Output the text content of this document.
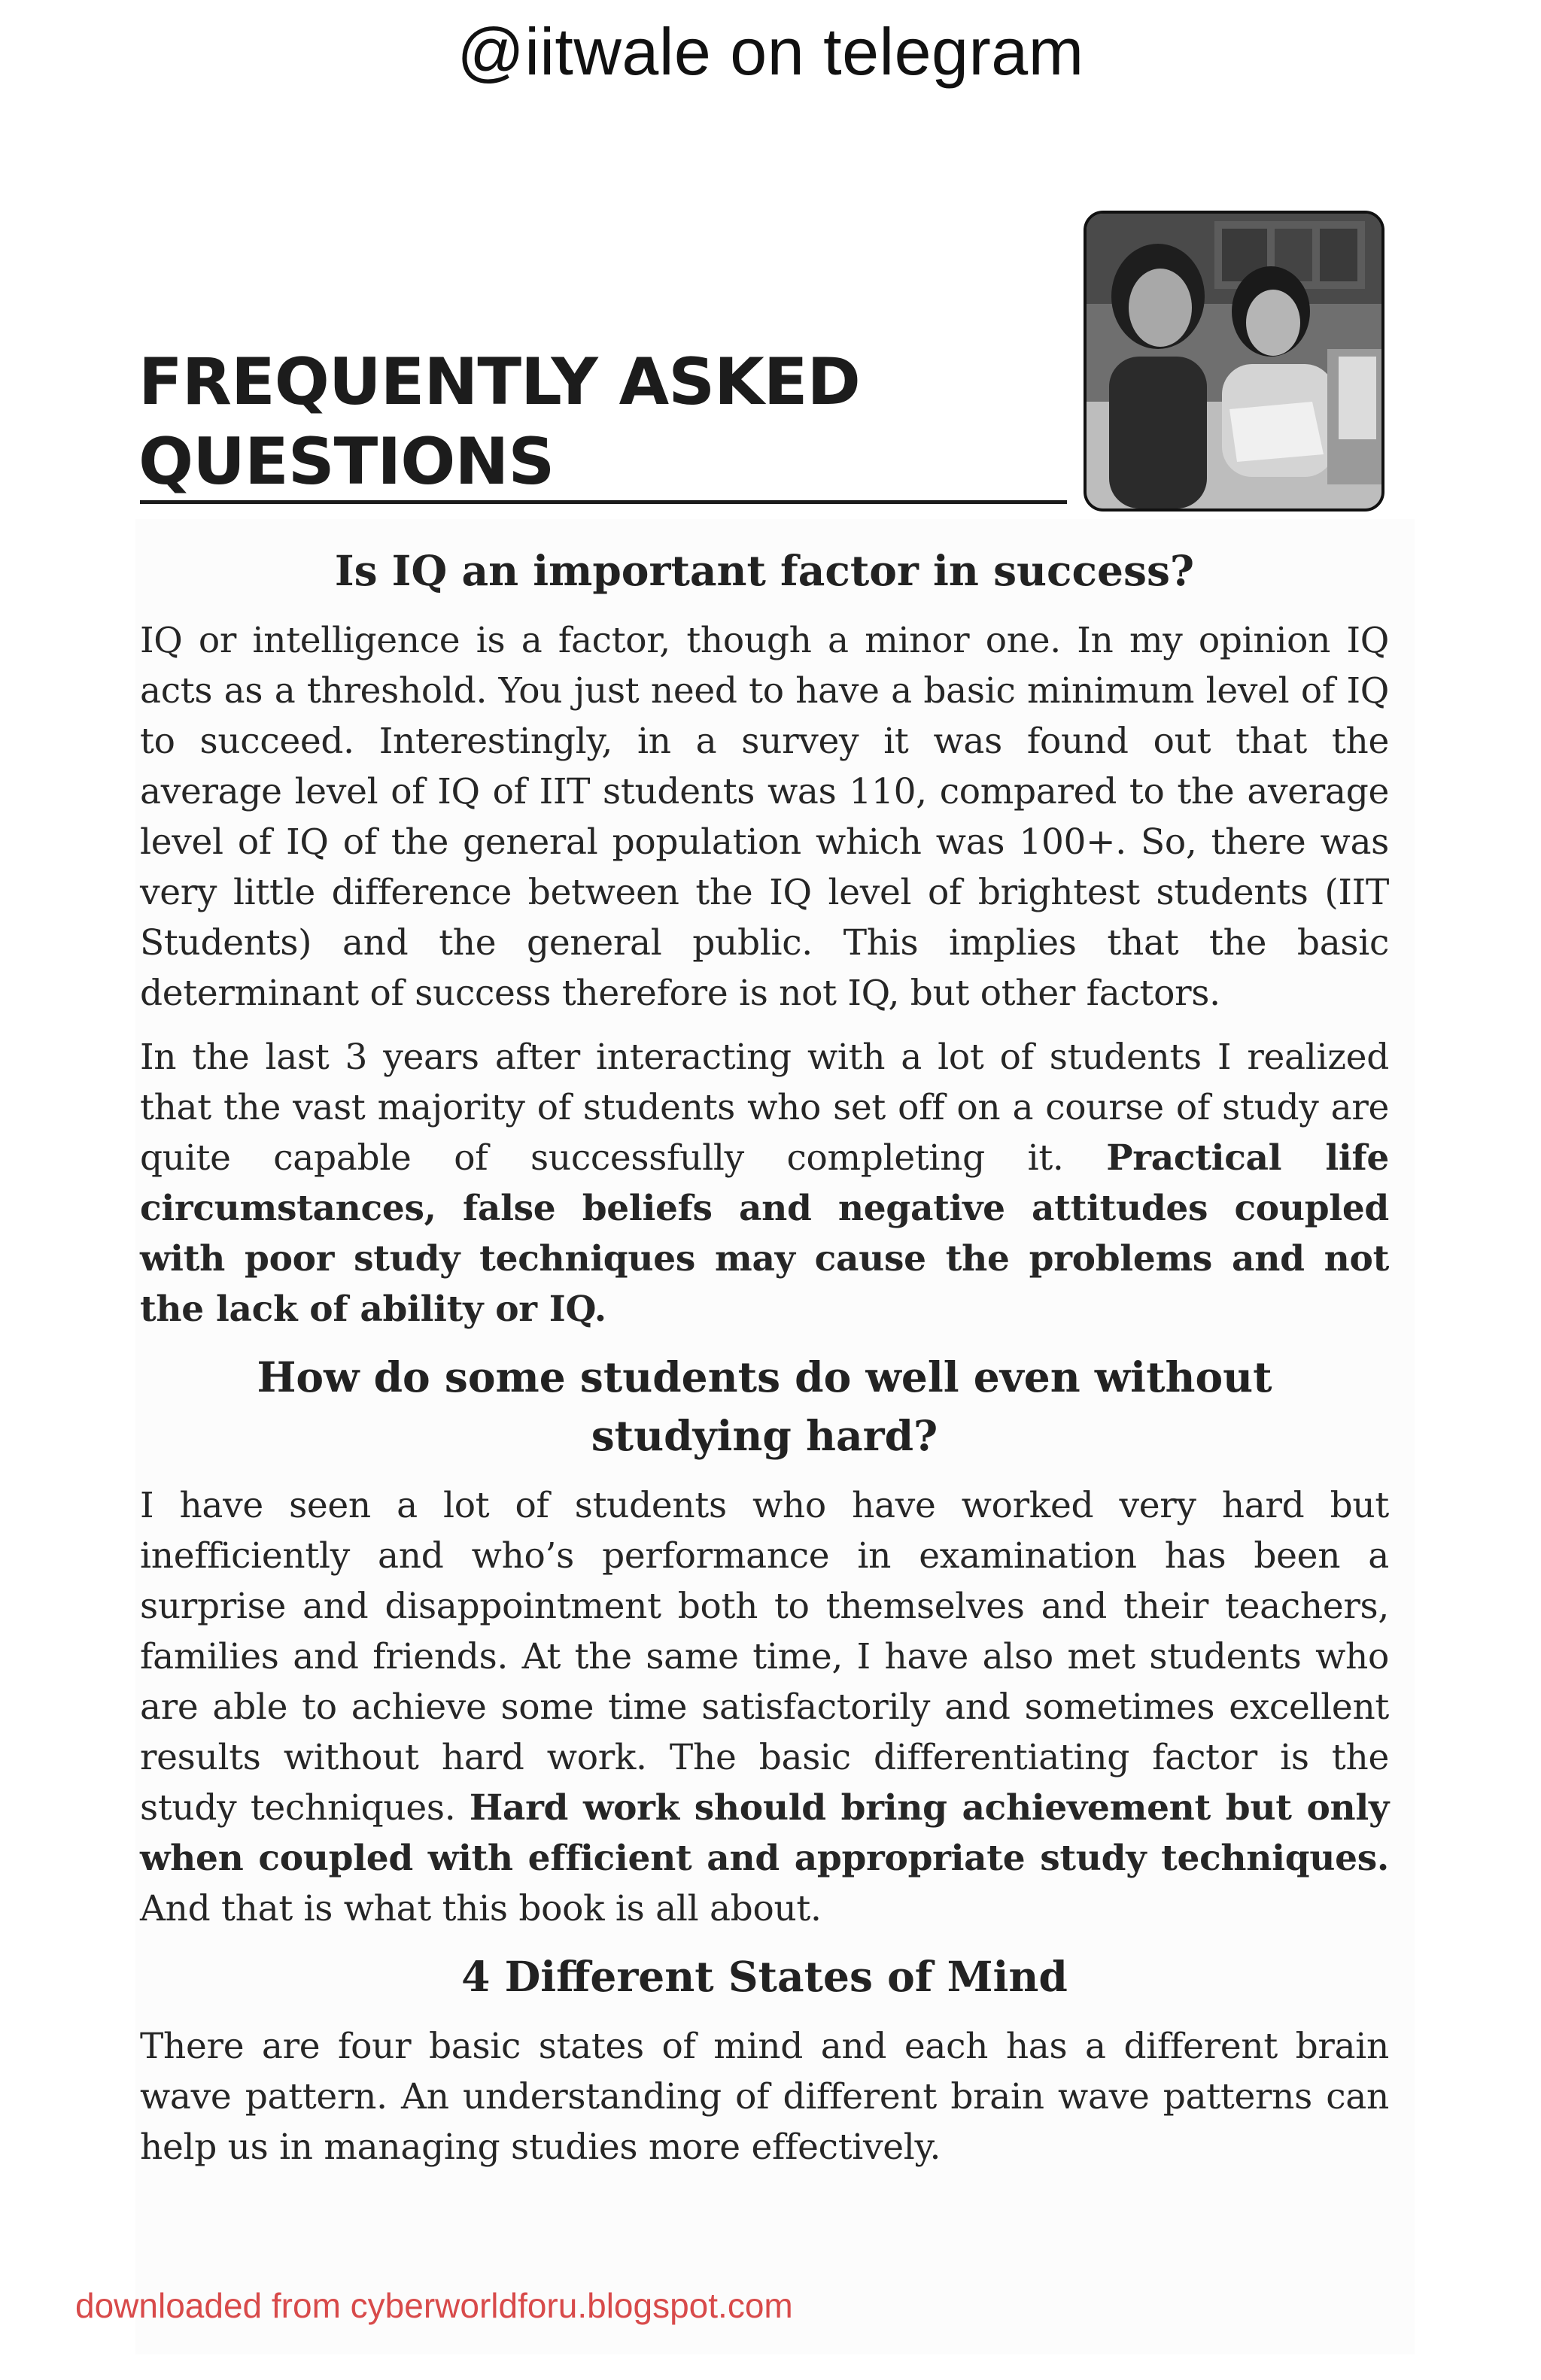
@iitwale on telegram
FREQUENTLY ASKED
QUESTIONS
Is IQ an important factor in success?

IQ or intelligence is a factor, though a minor one. In my opinion IQ acts as a threshold. You just need to have a basic minimum level of IQ to succeed. Interestingly, in a survey it was found out that the average level of IQ of IIT students was 110, compared to the average level of IQ of the general population which was 100+. So, there was very little difference between the IQ level of brightest students (IIT Students) and the general public. This implies that the basic determinant of success therefore is not IQ, but other factors.

In the last 3 years after interacting with a lot of students I realized that the vast majority of students who set off on a course of study are quite capable of successfully completing it. Practical life circumstances, false beliefs and negative attitudes coupled with poor study techniques may cause the problems and not the lack of ability or IQ.

How do some students do well even without
studying hard?

I have seen a lot of students who have worked very hard but inefficiently and who’s performance in examination has been a surprise and disappointment both to themselves and their teachers, families and friends. At the same time, I have also met students who are able to achieve some time satisfactorily and sometimes excellent results without hard work. The basic differentiating factor is the study techniques. Hard work should bring achievement but only when coupled with efficient and appropriate study techniques. And that is what this book is all about.

4 Different States of Mind

There are four basic states of mind and each has a different brain wave pattern. An understanding of different brain wave patterns can help us in managing studies more effectively.

downloaded from cyberworldforu.blogspot.com
